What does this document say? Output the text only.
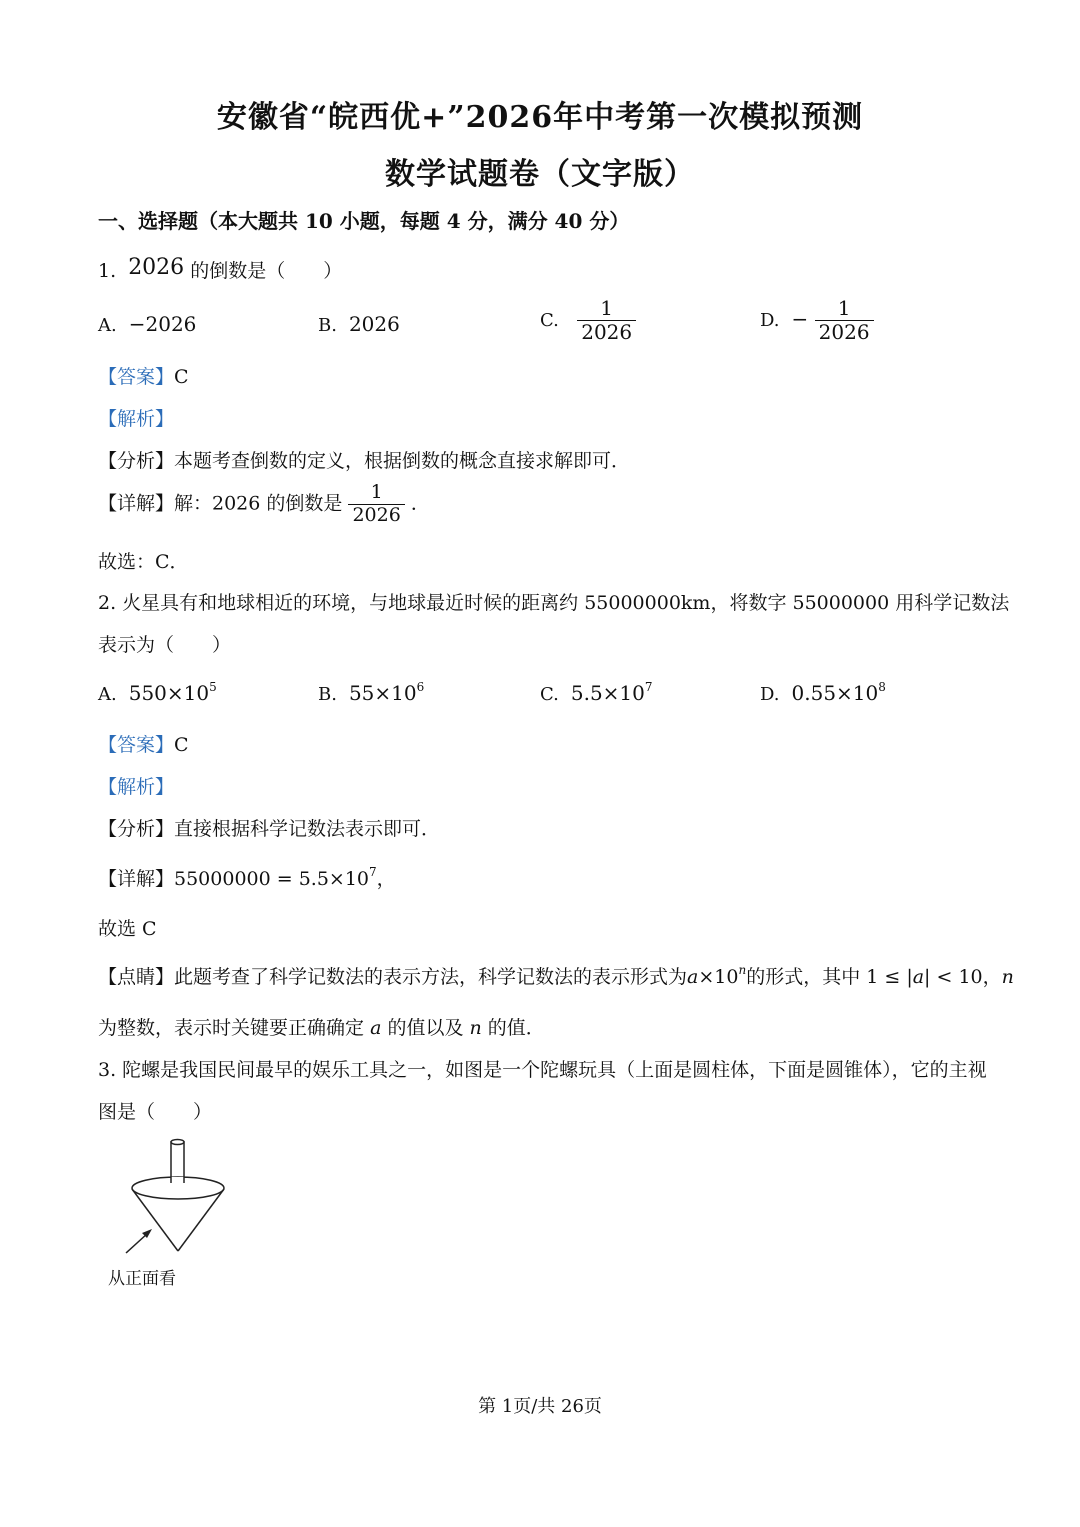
安徽省“皖西优+”2026年中考第一次模拟预测
数学试题卷（文字版）
一、选择题（本大题共 10 小题，每题 4 分，满分 40 分）
1. 2026 的倒数是（　　）
A. −2026	B. 2026	C. $\frac{1}{2026}$	D. − $\frac{1}{2026}$
【答案】C
【解析】
【分析】本题考查倒数的定义，根据倒数的概念直接求解即可．
【详解】解：2026 的倒数是 $\frac{1}{2026}$ ．
故选：C．
2. 火星具有和地球相近的环境，与地球最近时候的距离约 55000000km，将数字 55000000 用科学记数法
表示为（　　）
A. $550\times 10^5$	B. $55\times 10^6$	C. $5.5\times 10^7$	D. $0.55\times 10^8$
【答案】C
【解析】
【分析】直接根据科学记数法表示即可．
【详解】$55000000 = 5.5\times 10^7$，
故选 C
【点睛】此题考查了科学记数法的表示方法，科学记数法的表示形式为$a\times 10^n$的形式，其中 1 ≤ |a| < 10，n
为整数，表示时关键要正确确定 a 的值以及 n 的值．
3. 陀螺是我国民间最早的娱乐工具之一，如图是一个陀螺玩具（上面是圆柱体，下面是圆锥体），它的主视
图是（　　）
从正面看
第 1页/共 26页
